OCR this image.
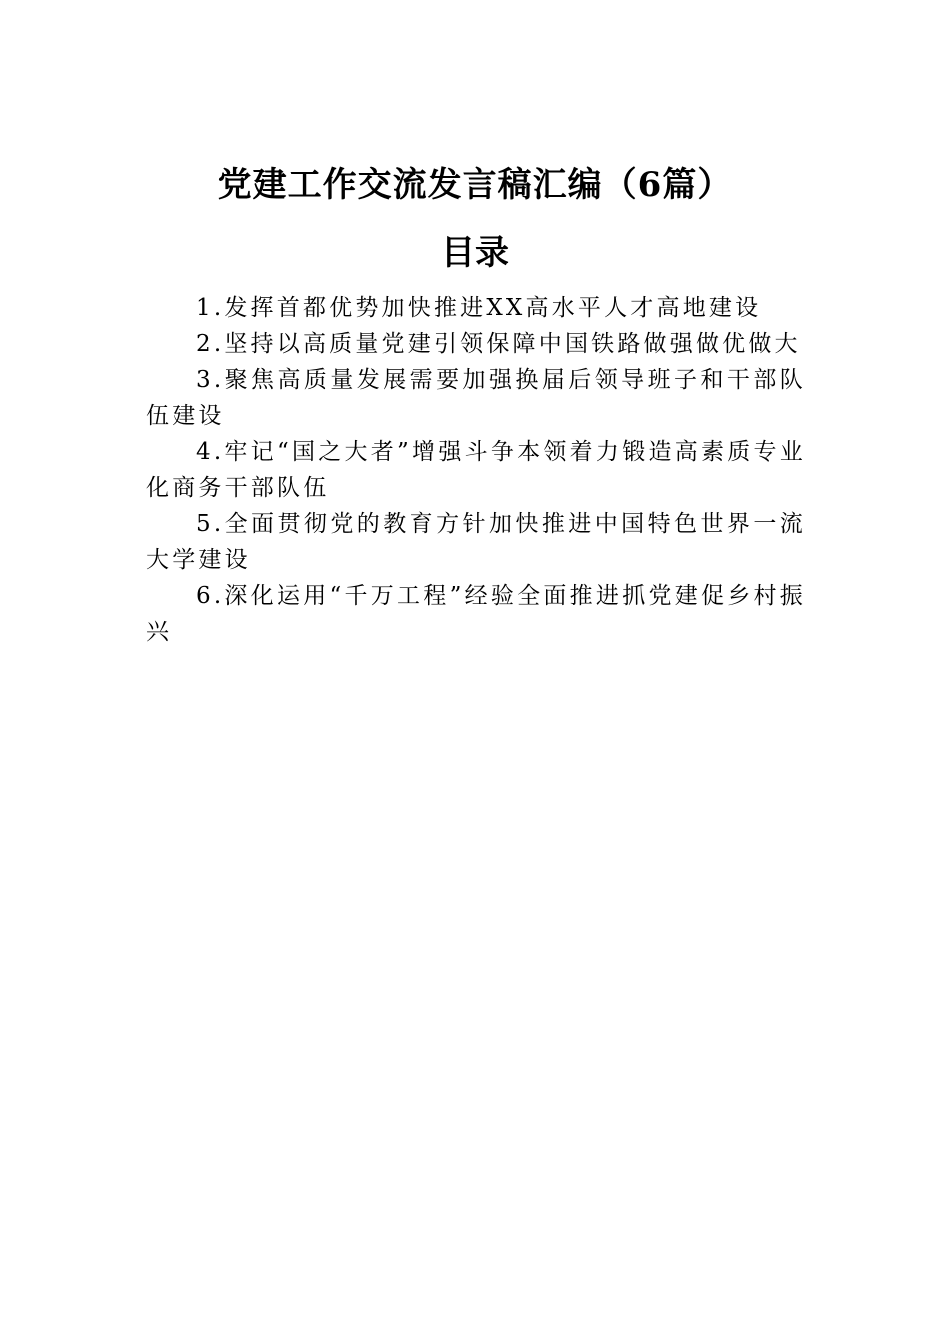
党建工作交流发言稿汇编（6篇）
目录
1.发挥首都优势加快推进XX高水平人才高地建设
2.坚持以高质量党建引领保障中国铁路做强做优做大
3.聚焦高质量发展需要加强换届后领导班子和干部队伍建设
4.牢记“国之大者”增强斗争本领着力锻造高素质专业化商务干部队伍
5.全面贯彻党的教育方针加快推进中国特色世界一流大学建设
6.深化运用“千万工程”经验全面推进抓党建促乡村振兴
